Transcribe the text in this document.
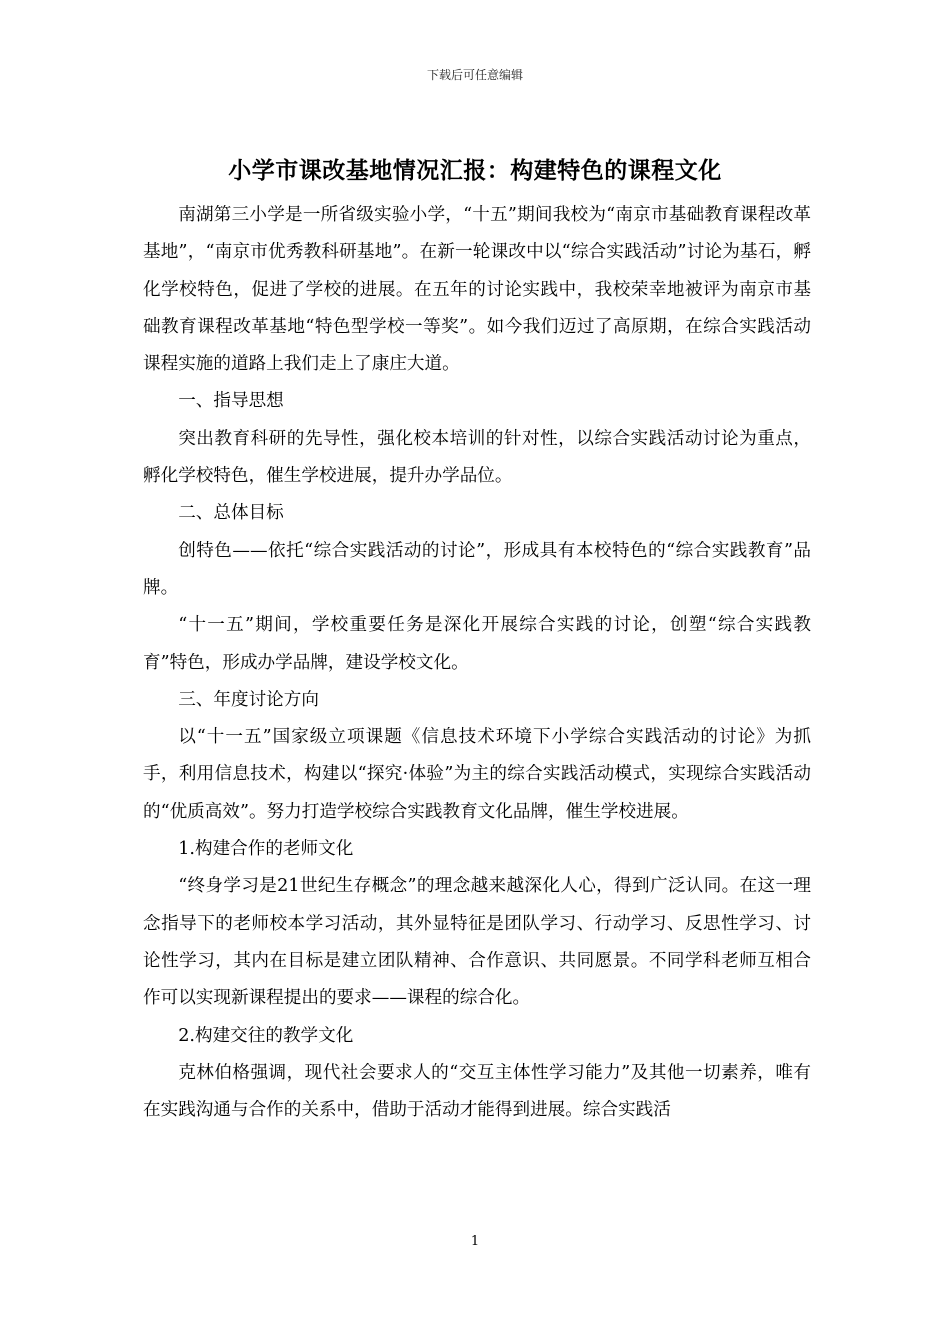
下载后可任意编辑
小学市课改基地情况汇报：构建特色的课程文化

南湖第三小学是一所省级实验小学，“十五”期间我校为“南京市基础教育课程改革基地”，“南京市优秀教科研基地”。在新一轮课改中以“综合实践活动”讨论为基石，孵化学校特色，促进了学校的进展。在五年的讨论实践中，我校荣幸地被评为南京市基础教育课程改革基地“特色型学校一等奖”。如今我们迈过了高原期，在综合实践活动课程实施的道路上我们走上了康庄大道。

一、指导思想

突出教育科研的先导性，强化校本培训的针对性，以综合实践活动讨论为重点，孵化学校特色，催生学校进展，提升办学品位。

二、总体目标

创特色——依托“综合实践活动的讨论”，形成具有本校特色的“综合实践教育”品牌。

“十一五”期间，学校重要任务是深化开展综合实践的讨论，创塑“综合实践教育”特色，形成办学品牌，建设学校文化。

三、年度讨论方向

以“十一五”国家级立项课题《信息技术环境下小学综合实践活动的讨论》为抓手，利用信息技术，构建以“探究·体验”为主的综合实践活动模式，实现综合实践活动的“优质高效”。努力打造学校综合实践教育文化品牌，催生学校进展。

1.构建合作的老师文化

“终身学习是21世纪生存概念”的理念越来越深化人心，得到广泛认同。在这一理念指导下的老师校本学习活动，其外显特征是团队学习、行动学习、反思性学习、讨论性学习，其内在目标是建立团队精神、合作意识、共同愿景。不同学科老师互相合作可以实现新课程提出的要求——课程的综合化。

2.构建交往的教学文化

克林伯格强调，现代社会要求人的“交互主体性学习能力”及其他一切素养，唯有在实践沟通与合作的关系中，借助于活动才能得到进展。综合实践活

1
